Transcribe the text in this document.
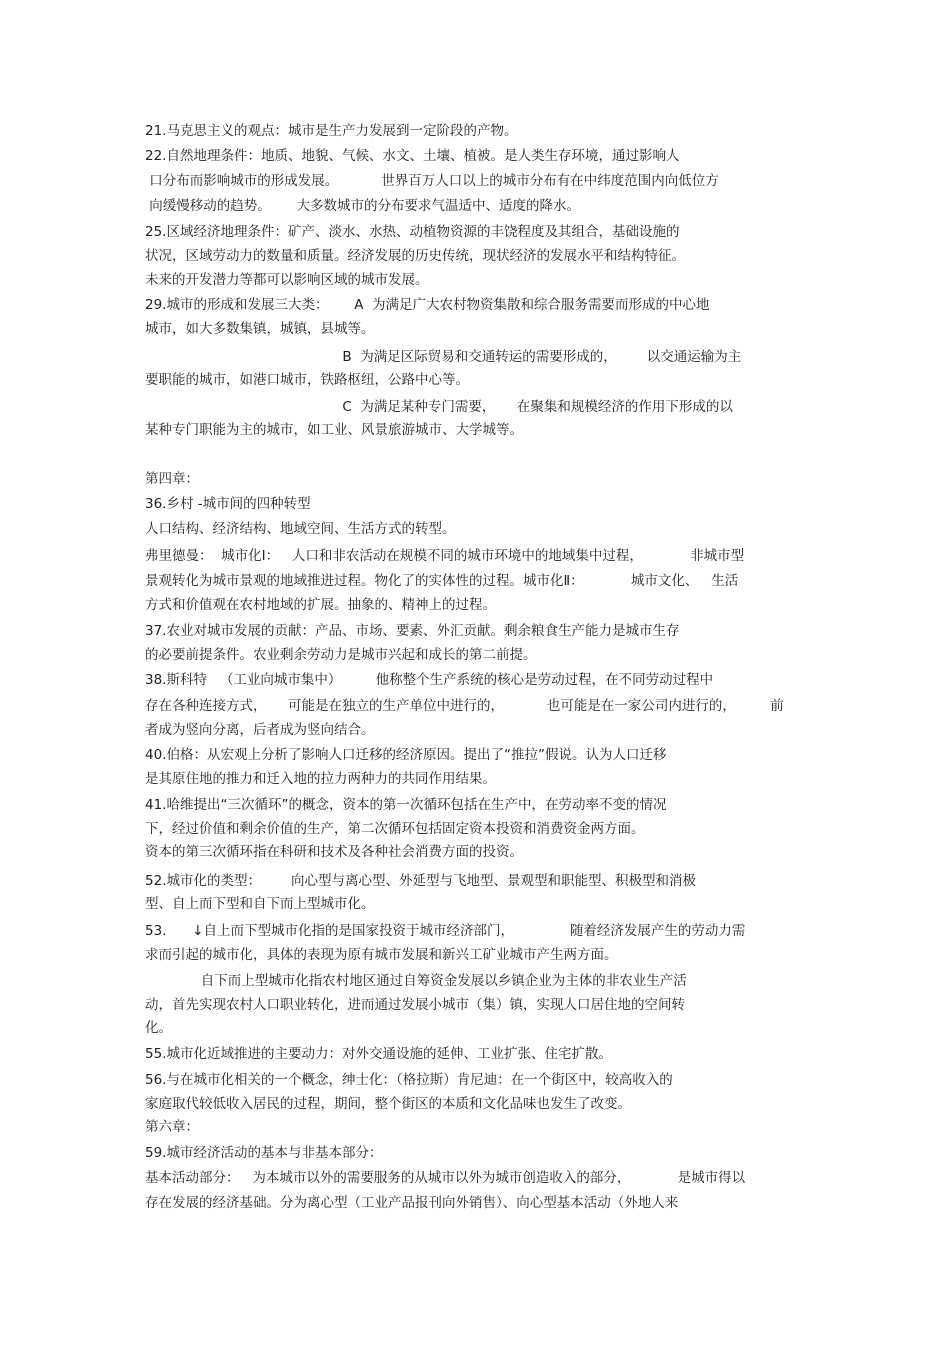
21.马克思主义的观点：城市是生产力发展到一定阶段的产物。
22.自然地理条件：地质、地貌、气候、水文、土壤、植被。是人类生存环境，通过影响人
口分布而影响城市的形成发展。          世界百万人口以上的城市分布有在中纬度范围内向低位方
向缓慢移动的趋势。      大多数城市的分布要求气温适中、适度的降水。
25.区域经济地理条件：矿产、淡水、水热、动植物资源的丰饶程度及其组合，基础设施的
状况，区域劳动力的数量和质量。经济发展的历史传统，现状经济的发展水平和结构特征。
未来的开发潜力等都可以影响区域的城市发展。
29.城市的形成和发展三大类：      A  为满足广大农村物资集散和综合服务需要而形成的中心地
城市，如大多数集镇，城镇，县城等。
B  为满足区际贸易和交通转运的需要形成的，       以交通运输为主
要职能的城市，如港口城市，铁路枢纽，公路中心等。
C  为满足某种专门需要，     在聚集和规模经济的作用下形成的以
某种专门职能为主的城市，如工业、风景旅游城市、大学城等。
第四章：
36.乡村 -城市间的四种转型
人口结构、经济结构、地域空间、生活方式的转型。
弗里德曼：  城市化Ⅰ：   人口和非农活动在规模不同的城市环境中的地域集中过程，           非城市型
景观转化为城市景观的地域推进过程。物化了的实体性的过程。城市化Ⅱ：           城市文化、   生活
方式和价值观在农村地域的扩展。抽象的、精神上的过程。
37.农业对城市发展的贡献：产品、市场、要素、外汇贡献。剩余粮食生产能力是城市生存
的必要前提条件。农业剩余劳动力是城市兴起和成长的第二前提。
38.斯科特   （工业向城市集中）        他称整个生产系统的核心是劳动过程，在不同劳动过程中
存在各种连接方式，     可能是在独立的生产单位中进行的，          也可能是在一家公司内进行的，        前
者成为竖向分离，后者成为竖向结合。
40.伯格：从宏观上分析了影响人口迁移的经济原因。提出了“推拉”假说。认为人口迁移
是其原住地的推力和迁入地的拉力两种力的共同作用结果。
41.哈维提出“三次循环”的概念，资本的第一次循环包括在生产中，在劳动率不变的情况
下，经过价值和剩余价值的生产，第二次循环包括固定资本投资和消费资金两方面。
资本的第三次循环指在科研和技术及各种社会消费方面的投资。
52.城市化的类型：       向心型与离心型、外延型与飞地型、景观型和职能型、积极型和消极
型、自上而下型和自下而上型城市化。
53.      ↓自上而下型城市化指的是国家投资于城市经济部门，             随着经济发展产生的劳动力需
求而引起的城市化，具体的表现为原有城市发展和新兴工矿业城市产生两方面。
自下而上型城市化指农村地区通过自筹资金发展以乡镇企业为主体的非农业生产活
动，首先实现农村人口职业转化，进而通过发展小城市（集）镇，实现人口居住地的空间转
化。
55.城市化近域推进的主要动力：对外交通设施的延伸、工业扩张、住宅扩散。
56.与在城市化相关的一个概念，绅士化：（格拉斯）肯尼迪：在一个街区中，较高收入的
家庭取代较低收入居民的过程，期间，整个街区的本质和文化品味也发生了改变。
第六章：
59.城市经济活动的基本与非基本部分：
基本活动部分：   为本城市以外的需要服务的从城市以外为城市创造收入的部分，           是城市得以
存在发展的经济基础。分为离心型（工业产品报刊向外销售）、向心型基本活动（外地人来
